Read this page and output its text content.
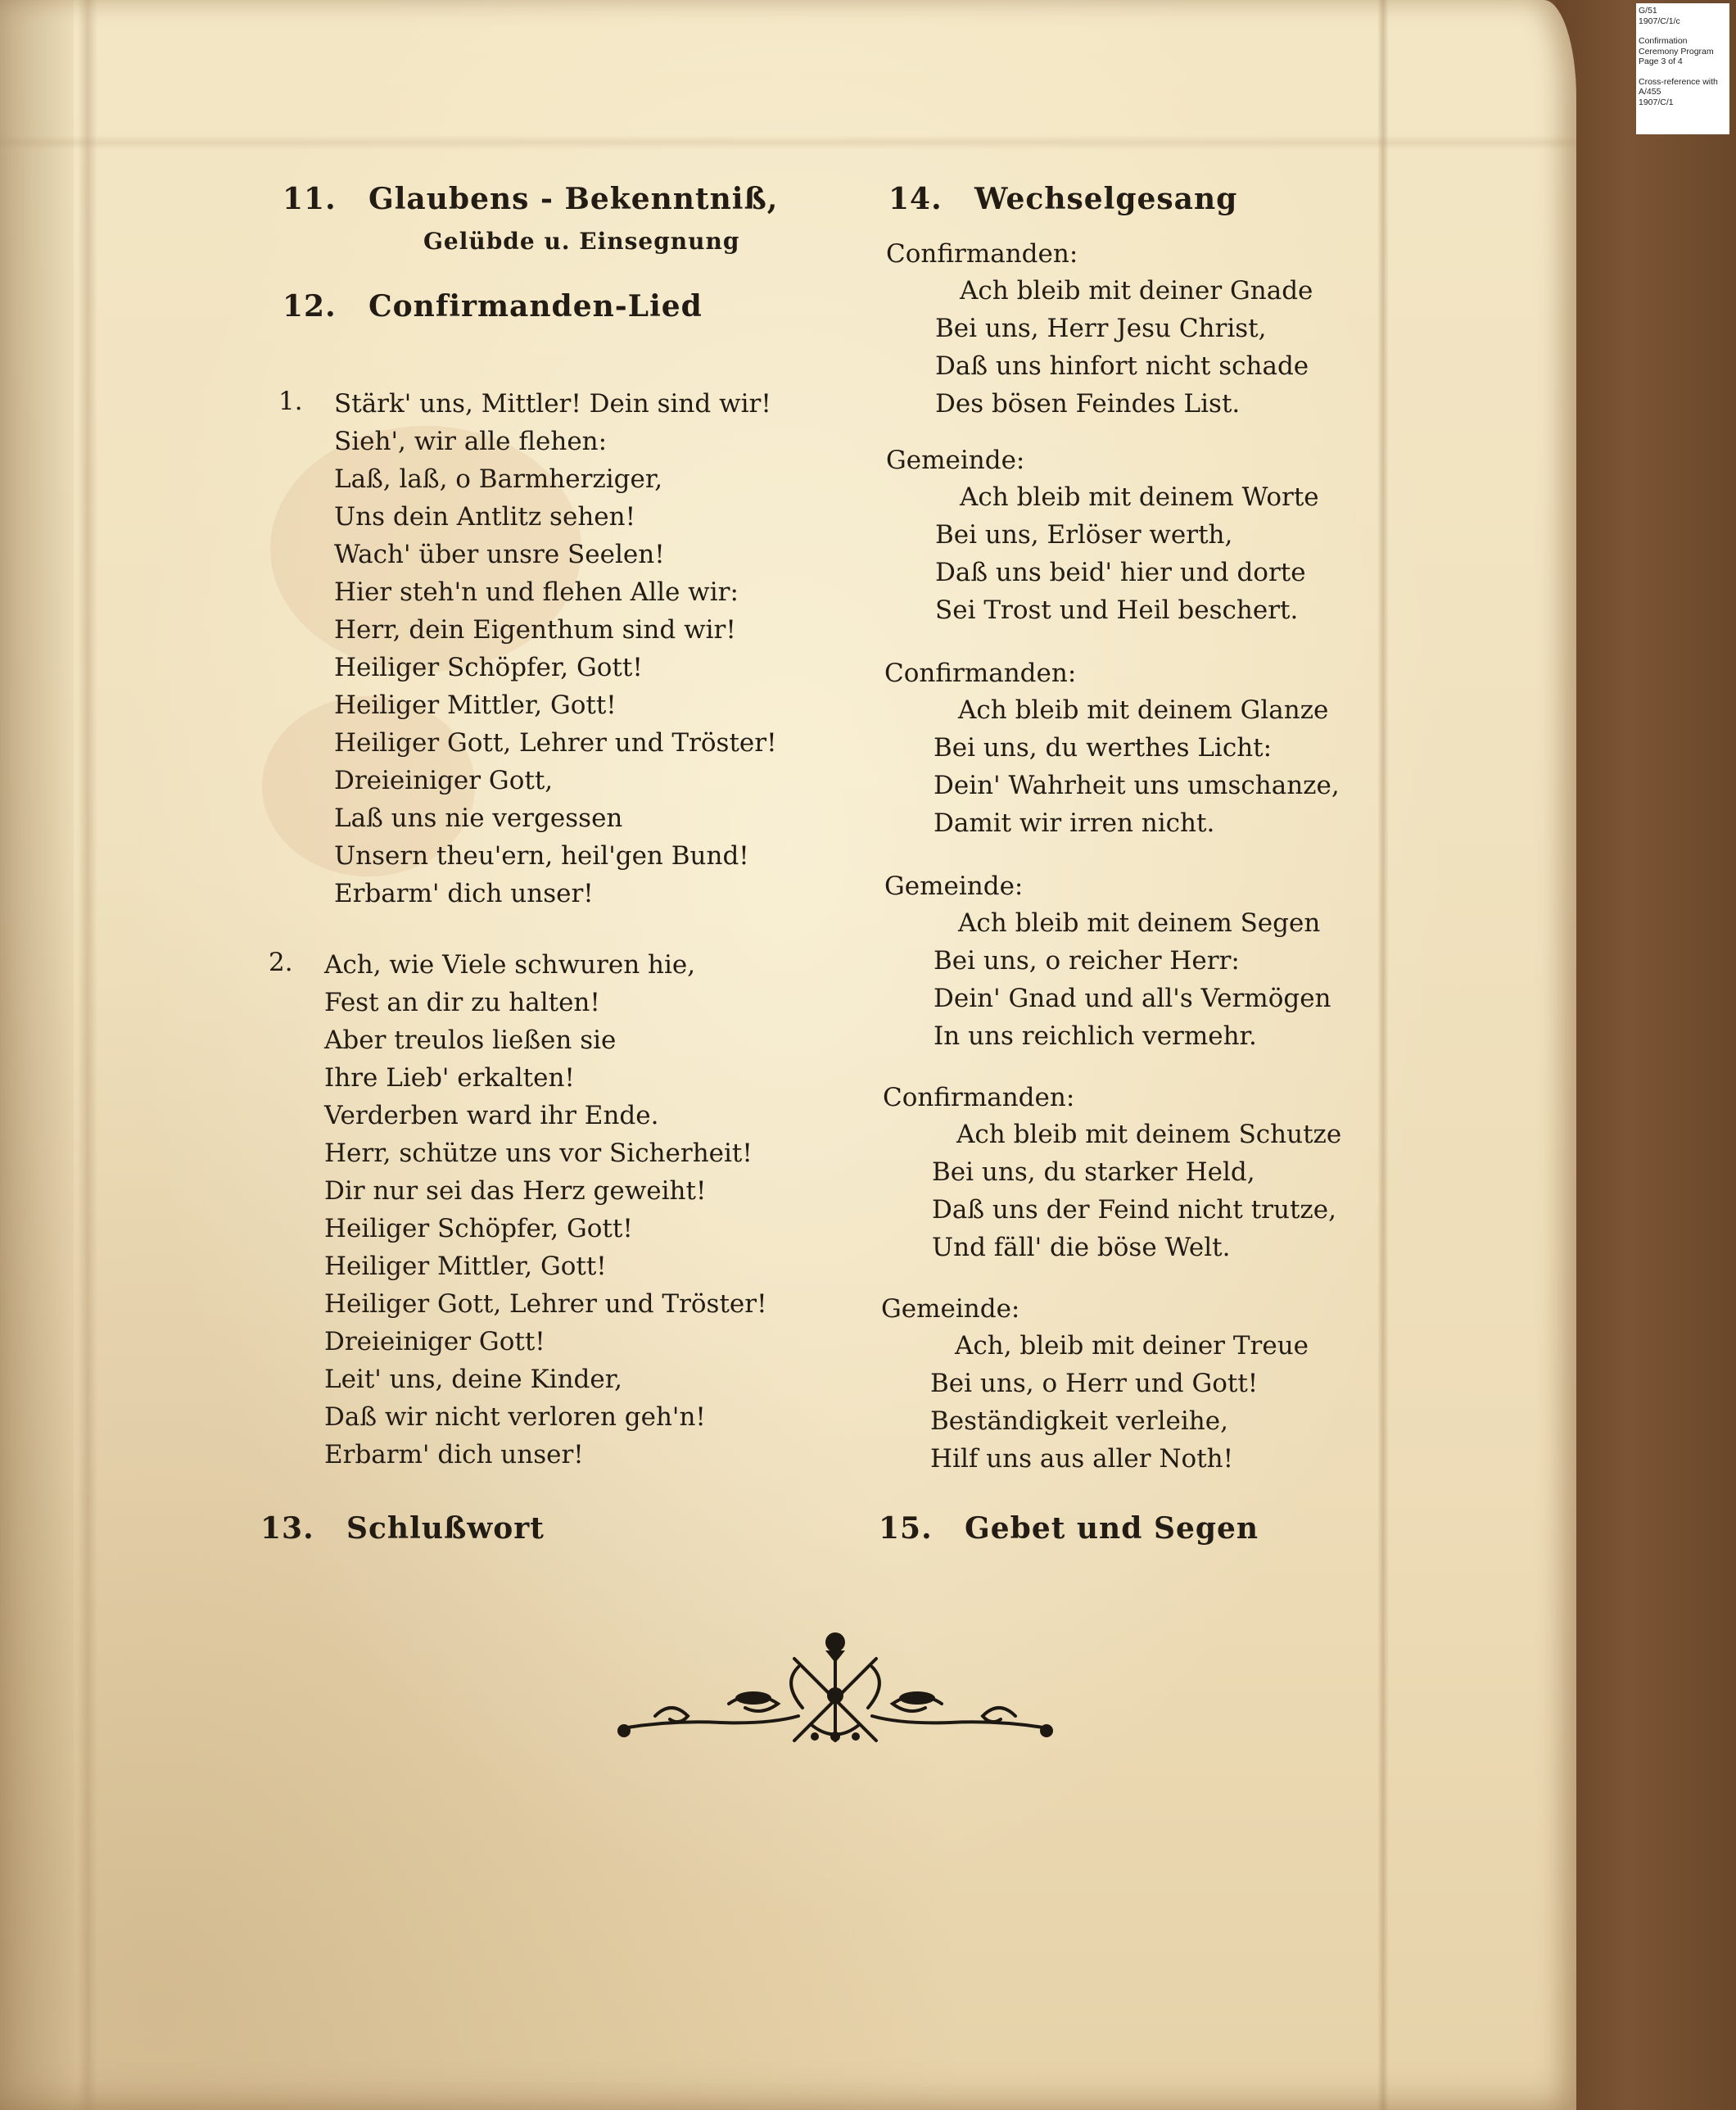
11. Glaubens - Bekenntniß,
Gelübde u. Einsegnung
12. Confirmanden-Lied
1. Stärk' uns, Mittler! Dein sind wir!
Sieh', wir alle flehen:
Laß, laß, o Barmherziger,
Uns dein Antlitz sehen!
Wach' über unsre Seelen!
Hier steh'n und flehen Alle wir:
Herr, dein Eigenthum sind wir!
Heiliger Schöpfer, Gott!
Heiliger Mittler, Gott!
Heiliger Gott, Lehrer und Tröster!
Dreieiniger Gott,
Laß uns nie vergessen
Unsern theu'ern, heil'gen Bund!
Erbarm' dich unser!
2. Ach, wie Viele schwuren hie,
Fest an dir zu halten!
Aber treulos ließen sie
Ihre Lieb' erkalten!
Verderben ward ihr Ende.
Herr, schütze uns vor Sicherheit!
Dir nur sei das Herz geweiht!
Heiliger Schöpfer, Gott!
Heiliger Mittler, Gott!
Heiliger Gott, Lehrer und Tröster!
Dreieiniger Gott!
Leit' uns, deine Kinder,
Daß wir nicht verloren geh'n!
Erbarm' dich unser!
13. Schlußwort
14. Wechselgesang
Confirmanden:
Ach bleib mit deiner Gnade
Bei uns, Herr Jesu Christ,
Daß uns hinfort nicht schade
Des bösen Feindes List.
Gemeinde:
Ach bleib mit deinem Worte
Bei uns, Erlöser werth,
Daß uns beid' hier und dorte
Sei Trost und Heil beschert.
Confirmanden:
Ach bleib mit deinem Glanze
Bei uns, du werthes Licht:
Dein' Wahrheit uns umschanze,
Damit wir irren nicht.
Gemeinde:
Ach bleib mit deinem Segen
Bei uns, o reicher Herr:
Dein' Gnad und all's Vermögen
In uns reichlich vermehr.
Confirmanden:
Ach bleib mit deinem Schutze
Bei uns, du starker Held,
Daß uns der Feind nicht trutze,
Und fäll' die böse Welt.
Gemeinde:
Ach, bleib mit deiner Treue
Bei uns, o Herr und Gott!
Beständigkeit verleihe,
Hilf uns aus aller Noth!
15. Gebet und Segen
G/51
1907/C/1/c
Confirmation
Ceremony Program
Page 3 of 4
Cross-reference with
A/455
1907/C/1
